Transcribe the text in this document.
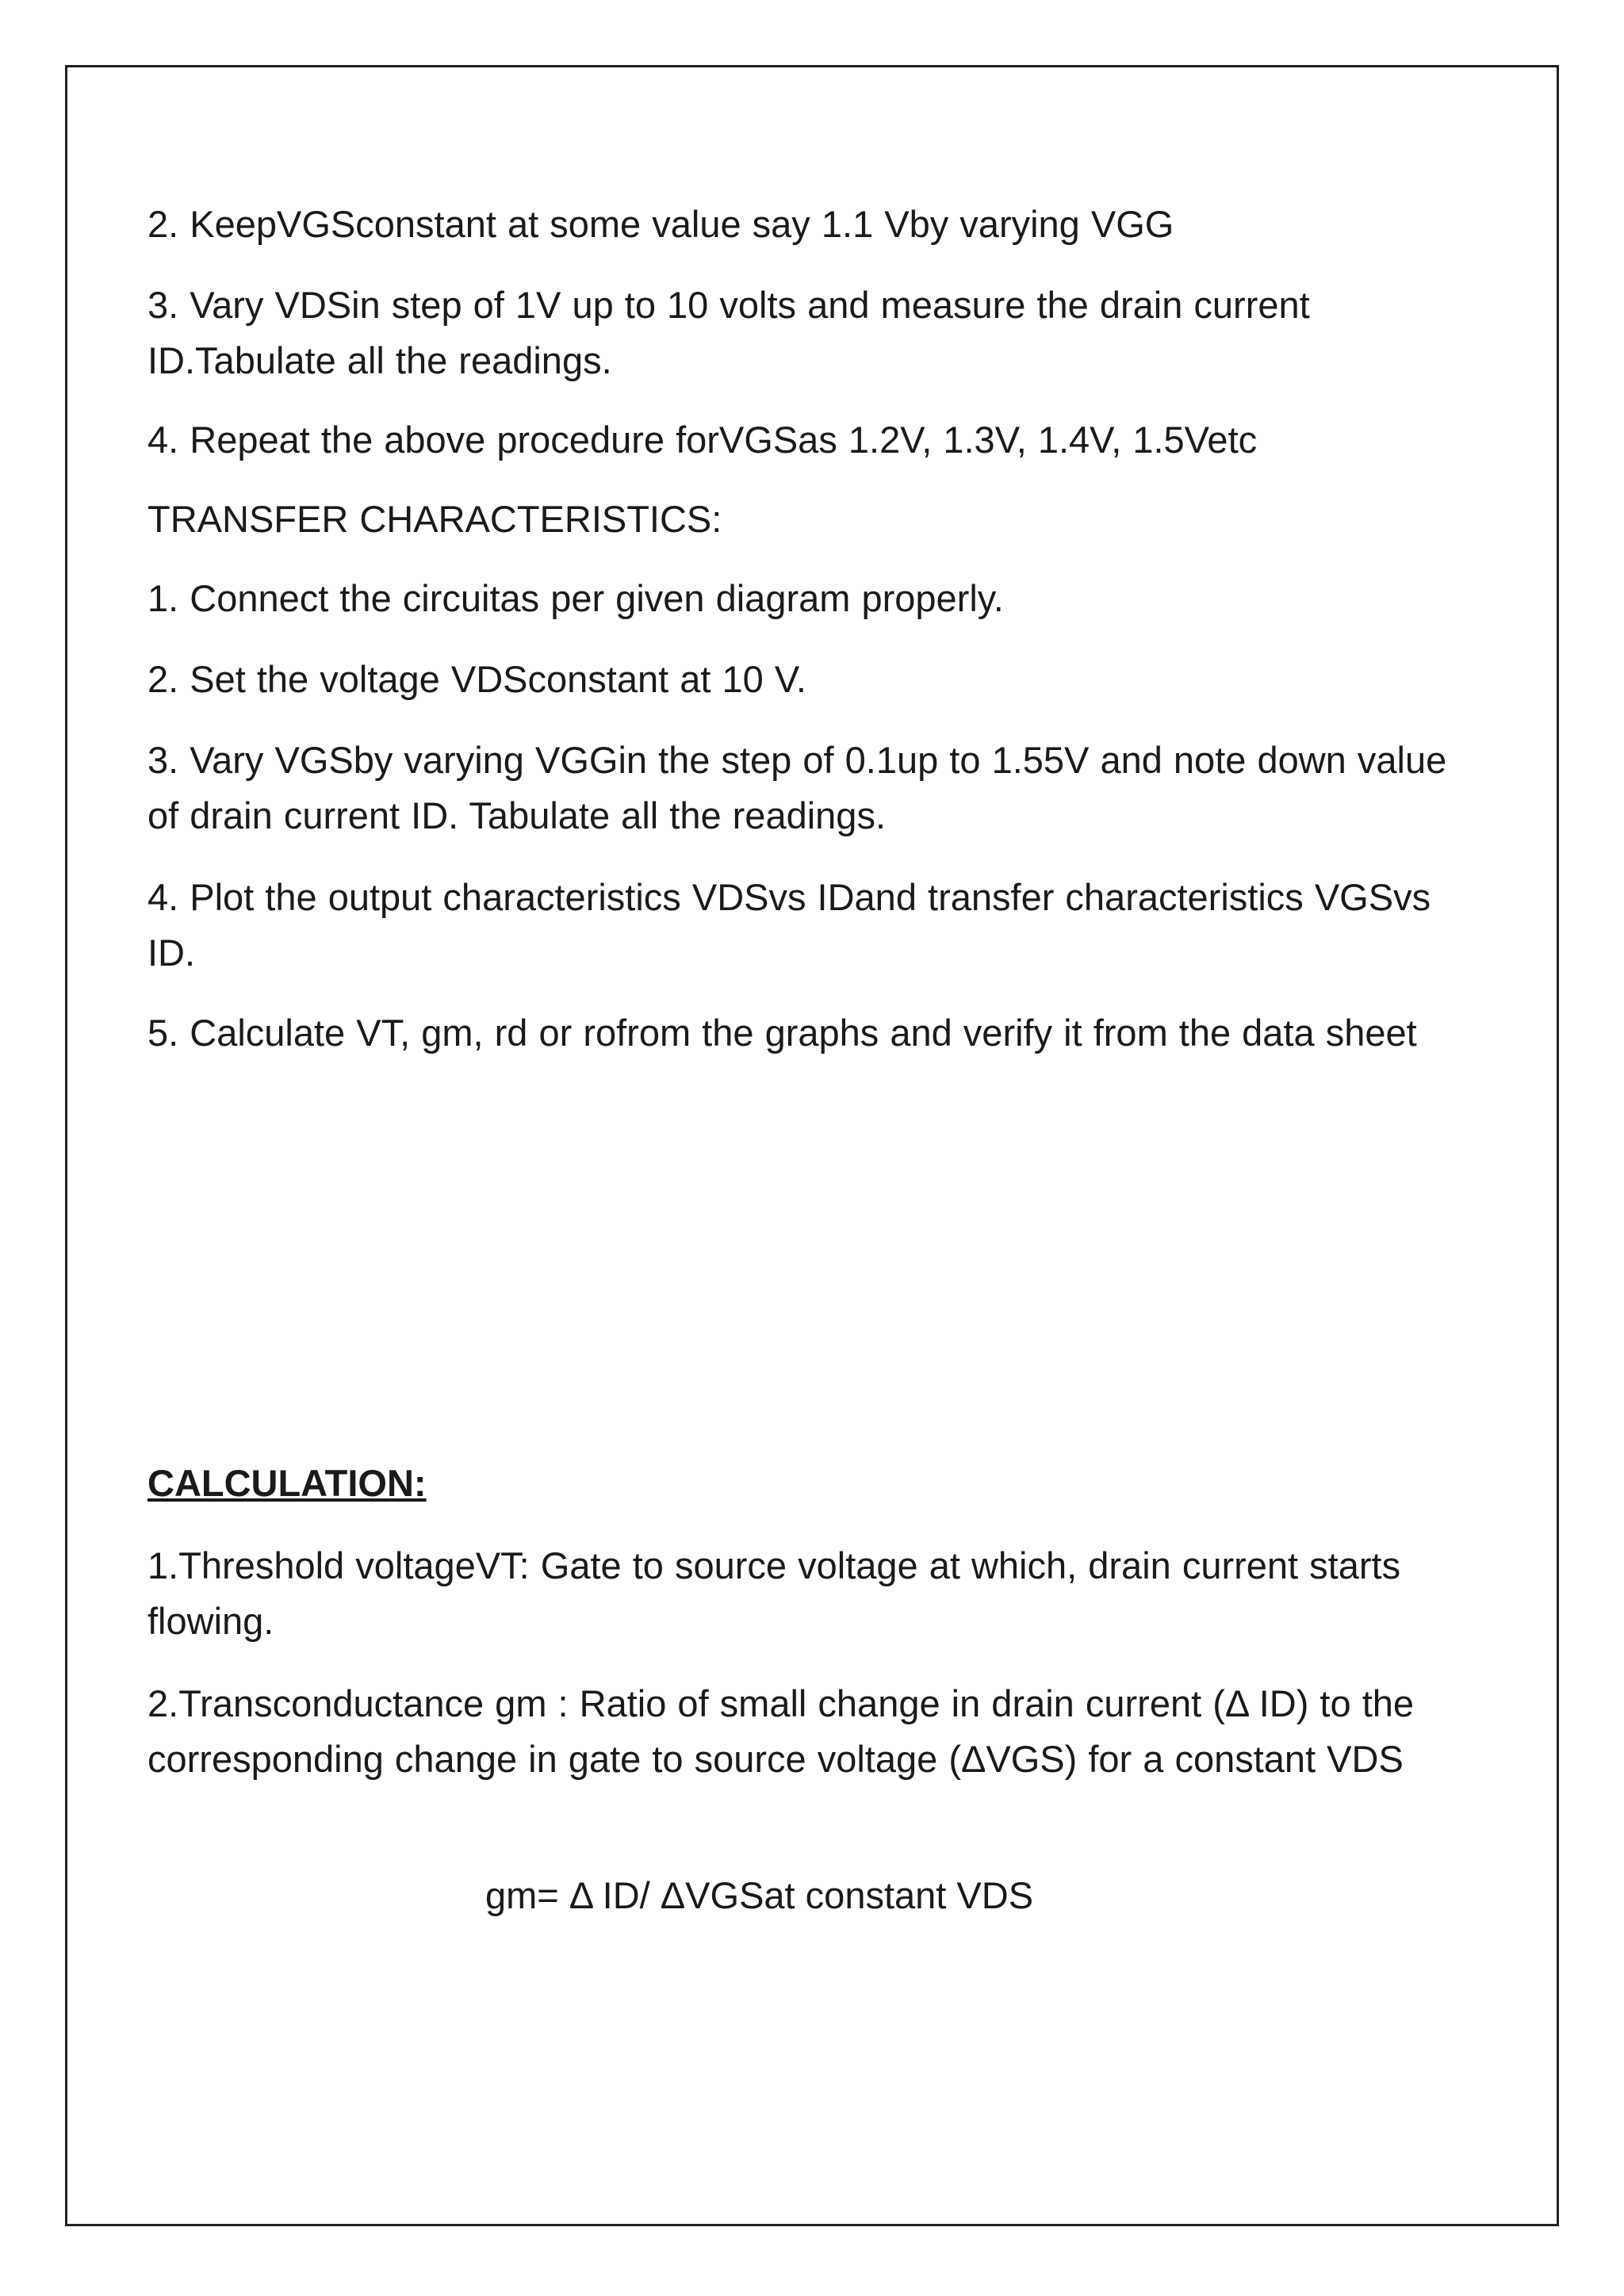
2. KeepVGSconstant at some value say 1.1 Vby varying VGG

3. Vary VDSin step of 1V up to 10 volts and measure the drain current ID.Tabulate all the readings.

4. Repeat the above procedure forVGSas 1.2V, 1.3V, 1.4V, 1.5Vetc

TRANSFER CHARACTERISTICS:

1. Connect the circuitas per given diagram properly.

2. Set the voltage VDSconstant at 10 V.

3. Vary VGSby varying VGGin the step of 0.1up to 1.55V and note down value of drain current ID. Tabulate all the readings.

4. Plot the output characteristics VDSvs IDand transfer characteristics VGSvs ID.

5. Calculate VT, gm, rd or rofrom the graphs and verify it from the data sheet

CALCULATION:

1.Threshold voltageVT: Gate to source voltage at which, drain current starts flowing.

2.Transconductance gm : Ratio of small change in drain current (Δ ID) to the corresponding change in gate to source voltage (ΔVGS) for a constant VDS

gm= Δ ID/ ΔVGSat constant VDS
